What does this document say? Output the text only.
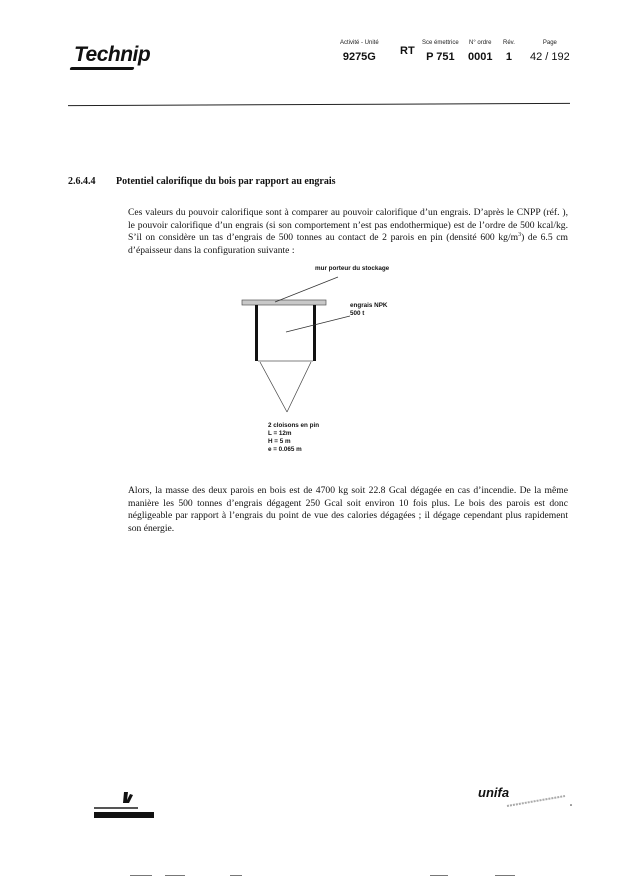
Technip	Activité - Unité
9275G RT
Sce émettrice
P 751
N° ordre
0001
Rév.
1
Page
42 / 192
2.6.4.4 Potentiel calorifique du bois par rapport au engrais
Ces valeurs du pouvoir calorifique sont à comparer au pouvoir calorifique d’un engrais. D’après le CNPP (réf. ), le pouvoir calorifique d’un engrais (si son comportement n’est pas endothermique) est de l’ordre de 500 kcal/kg. S’il on considère un tas d’engrais de 500 tonnes au contact de 2 parois en pin (densité 600 $kg/m^3$) de 6.5 cm d’épaisseur dans la configuration suivante :
mur porteur du stockage
engrais NPK
500 t
2 cloisons en pin
L = 12m
H = 5 m
e = 0.065 m
Alors, la masse des deux parois en bois est de 4700 kg soit 22.8 Gcal dégagée en cas d’incendie. De la même manière les 500 tonnes d’engrais dégagent 250 Gcal soit environ 10 fois plus. Le bois des parois est donc négligeable par rapport à l’engrais du point de vue des calories dégagées ; il dégage cependant plus rapidement son énergie.
unifa
